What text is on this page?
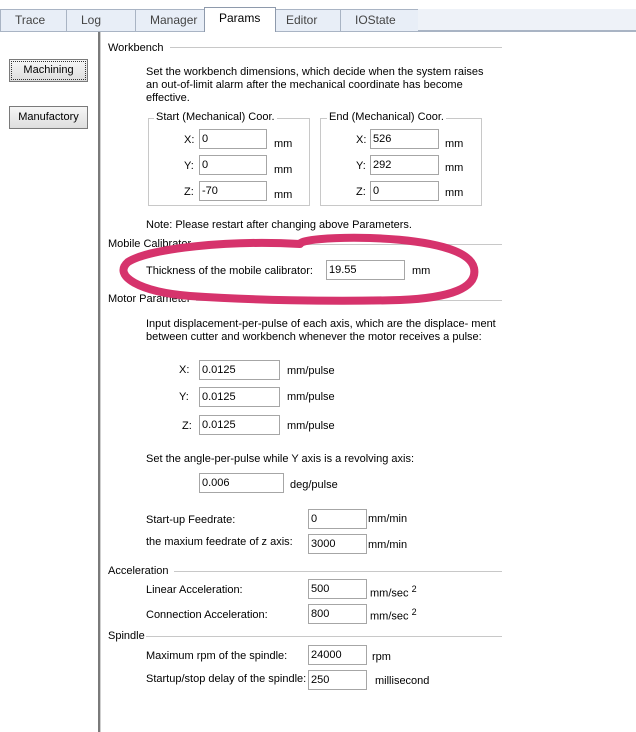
Trace	Log	Manager	Params	Editor	IOState
Machining
Manufactory
Workbench
Set the workbench dimensions, which decide when the system raises an out-of-limit alarm after the mechanical coordinate has become effective.
Start (Mechanical) Coor.
X:
0	mm
Y:
0	mm
Z:
-70	mm
End (Mechanical) Coor.
X:
526	mm
Y:
292	mm
Z:
0	mm
Note: Please restart after changing above Parameters.
Mobile Calibrator
Thickness of the mobile calibrator:
19.55	mm
Motor Parameter
Input displacement-per-pulse of each axis, which are the displace- ment between cutter and workbench whenever the motor receives a pulse:
X:
0.0125	mm/pulse
Y:
0.0125	mm/pulse
Z:
0.0125	mm/pulse
Set the angle-per-pulse while Y axis is a revolving axis:
0.006
deg/pulse
Start-up Feedrate:
0	mm/min
the maxium feedrate of z axis:
3000	mm/min
Acceleration
Linear Acceleration:
500	mm/sec $^2$
Connection Acceleration:
800	mm/sec $^2$
Spindle
Maximum rpm of the spindle:
24000	rpm
Startup/stop delay of the spindle:
250	millisecond
